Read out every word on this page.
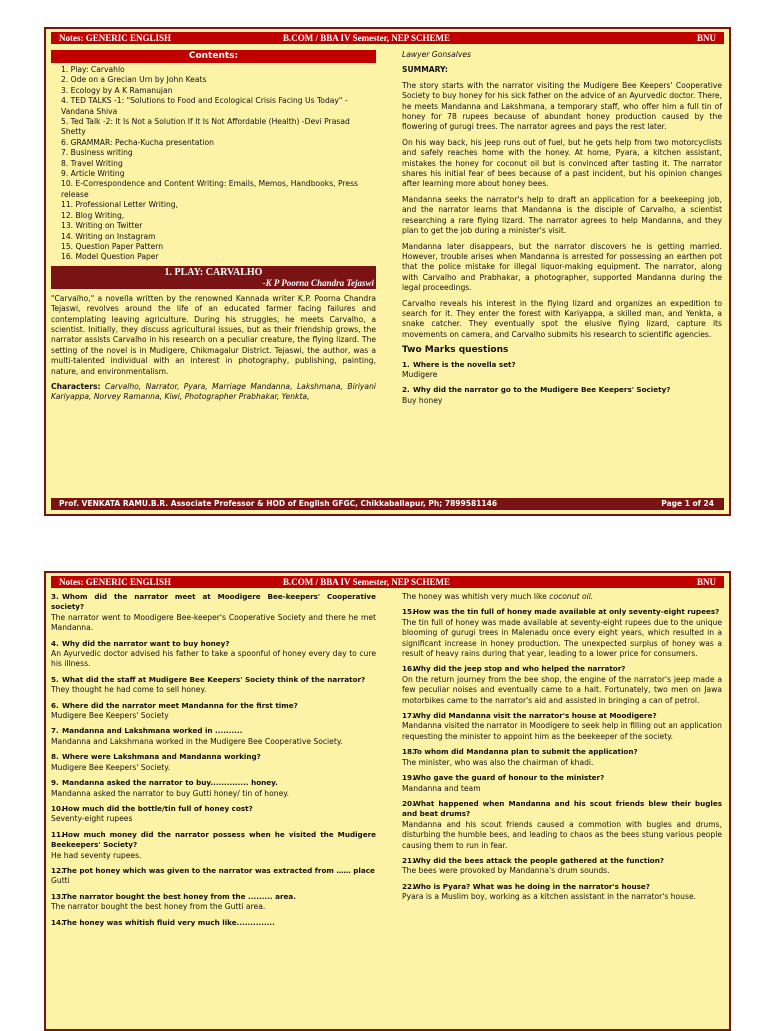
Notes: GENERIC ENGLISH	B.COM / BBA IV Semester, NEP SCHEME	BNU
Contents:
1. Play: Carvahlo
2. Ode on a Grecian Urn by John Keats
3. Ecology by A K Ramanujan
4. TED TALKS -1: "Solutions to Food and Ecological Crisis Facing Us Today" -Vandana Shiva
5. Ted Talk -2: It Is Not a Solution If It Is Not Affordable (Health) -Devi Prasad Shetty
6. GRAMMAR: Pecha-Kucha presentation
7. Business writing
8. Travel Writing
9. Article Writing
10. E-Correspondence and Content Writing: Emails, Memos, Handbooks, Press release
11. Professional Letter Writing,
12. Blog Writing,
13. Writing on Twitter
14. Writing on Instagram
15. Question Paper Pattern
16. Model Question Paper
1. PLAY: CARVALHO
-K P Poorna Chandra Tejaswi

"Carvalho," a novella written by the renowned Kannada writer K.P. Poorna Chandra Tejaswi, revolves around the life of an educated farmer facing failures and contemplating leaving agriculture. During his struggles, he meets Carvalho, a scientist. Initially, they discuss agricultural issues, but as their friendship grows, the narrator assists Carvalho in his research on a peculiar creature, the flying lizard. The setting of the novel is in Mudigere, Chikmagalur District. Tejaswi, the author, was a multi-talented individual with an interest in photography, publishing, painting, nature, and environmentalism.

Characters: Carvalho, Narrator, Pyara, Marriage Mandanna, Lakshmana, Biriyani Kariyappa, Norvey Ramanna, Kiwi, Photographer Prabhakar, Yenkta,

Lawyer Gonsalves

SUMMARY:

The story starts with the narrator visiting the Mudigere Bee Keepers' Cooperative Society to buy honey for his sick father on the advice of an Ayurvedic doctor. There, he meets Mandanna and Lakshmana, a temporary staff, who offer him a full tin of honey for 78 rupees because of abundant honey production caused by the flowering of gurugi trees. The narrator agrees and pays the rest later.

On his way back, his jeep runs out of fuel, but he gets help from two motorcyclists and safely reaches home with the honey. At home, Pyara, a kitchen assistant, mistakes the honey for coconut oil but is convinced after tasting it. The narrator shares his initial fear of bees because of a past incident, but his opinion changes after learning more about honey bees.

Mandanna seeks the narrator's help to draft an application for a beekeeping job, and the narrator learns that Mandanna is the disciple of Carvalho, a scientist researching a rare flying lizard. The narrator agrees to help Mandanna, and they plan to get the job during a minister's visit.

Mandanna later disappears, but the narrator discovers he is getting married. However, trouble arises when Mandanna is arrested for possessing an earthen pot that the police mistake for illegal liquor-making equipment. The narrator, along with Carvalho and Prabhakar, a photographer, supported Mandanna during the legal proceedings.

Carvalho reveals his interest in the flying lizard and organizes an expedition to search for it. They enter the forest with Kariyappa, a skilled man, and Yenkta, a snake catcher. They eventually spot the elusive flying lizard, capture its movements on camera, and Carvalho submits his research to scientific agencies.

Two Marks questions
1. Where is the novella set?
Mudigere
2. Why did the narrator go to the Mudigere Bee Keepers' Society?
Buy honey
Prof. VENKATA RAMU.B.R. Associate Professor & HOD of English GFGC, Chikkaballapur, Ph; 7899581146	Page 1 of 24
Notes: GENERIC ENGLISH	B.COM / BBA IV Semester, NEP SCHEME	BNU
3. Whom did the narrator meet at Moodigere Bee-keepers' Cooperative society?
The narrator went to Moodigere Bee-keeper's Cooperative Society and there he met Mandanna.
4. Why did the narrator want to buy honey?
An Ayurvedic doctor advised his father to take a spoonful of honey every day to cure his illness.
5. What did the staff at Mudigere Bee Keepers' Society think of the narrator?
They thought he had come to sell honey.
6. Where did the narrator meet Mandanna for the first time?
Mudigere Bee Keepers' Society
7. Mandanna and Lakshmana worked in ..........
Mandanna and Lakshmana worked in the Mudigere Bee Cooperative Society.
8. Where were Lakshmana and Mandanna working?
Mudigere Bee Keepers' Society.
9. Mandanna asked the narrator to buy.............. honey.
Mandanna asked the narrator to buy Gutti honey/ tin of honey.
10.How much did the bottle/tin full of honey cost?
Seventy-eight rupees
11.How much money did the narrator possess when he visited the Mudigere Beekeepers' Society?
He had seventy rupees.
12.The pot honey which was given to the narrator was extracted from …… place
Gutti
13.The narrator bought the best honey from the ......... area.
The narrator bought the best honey from the Gutti area.
14.The honey was whitish fluid very much like..............

The honey was whitish very much like coconut oil.

15.How was the tin full of honey made available at only seventy-eight rupees?
The tin full of honey was made available at seventy-eight rupees due to the unique blooming of gurugi trees in Malenadu once every eight years, which resulted in a significant increase in honey production. The unexpected surplus of honey was a result of heavy rains during that year, leading to a lower price for consumers.
16.Why did the jeep stop and who helped the narrator?
On the return journey from the bee shop, the engine of the narrator's jeep made a few peculiar noises and eventually came to a halt. Fortunately, two men on Jawa motorbikes came to the narrator's aid and assisted in bringing a can of petrol.
17.Why did Mandanna visit the narrator's house at Moodigere?
Mandanna visited the narrator in Moodigere to seek help in filling out an application requesting the minister to appoint him as the beekeeper of the society.
18.To whom did Mandanna plan to submit the application?
The minister, who was also the chairman of khadi.
19.Who gave the guard of honour to the minister?
Mandanna and team
20.What happened when Mandanna and his scout friends blew their bugles and beat drums?
Mandanna and his scout friends caused a commotion with bugles and drums, disturbing the humble bees, and leading to chaos as the bees stung various people causing them to run in fear.
21.Why did the bees attack the people gathered at the function?
The bees were provoked by Mandanna's drum sounds.
22.Who is Pyara? What was he doing in the narrator's house?
Pyara is a Muslim boy, working as a kitchen assistant in the narrator's house.
